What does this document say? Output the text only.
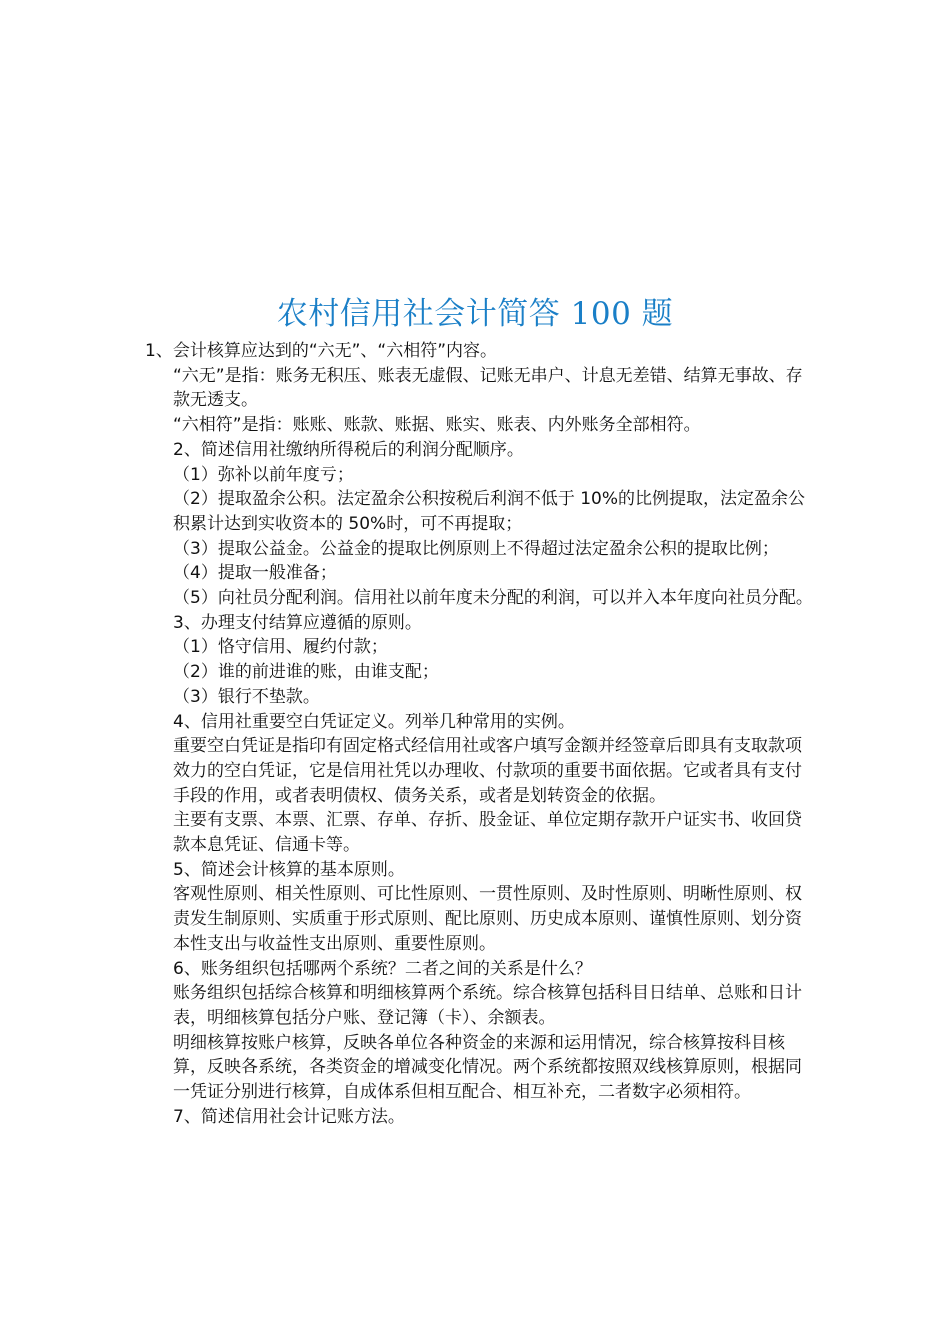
农村信用社会计简答 100 题

1、会计核算应达到的“六无”、“六相符”内容。

“六无”是指：账务无积压、账表无虚假、记账无串户、计息无差错、结算无事故、存款无透支。

“六相符”是指：账账、账款、账据、账实、账表、内外账务全部相符。

2、简述信用社缴纳所得税后的利润分配顺序。

（1）弥补以前年度亏；

（2）提取盈余公积。法定盈余公积按税后利润不低于 10%的比例提取，法定盈余公积累计达到实收资本的 50%时，可不再提取；

（3）提取公益金。公益金的提取比例原则上不得超过法定盈余公积的提取比例；

（4）提取一般准备；

（5）向社员分配利润。信用社以前年度未分配的利润，可以并入本年度向社员分配。

3、办理支付结算应遵循的原则。

（1）恪守信用、履约付款；

（2）谁的前进谁的账，由谁支配；

（3）银行不垫款。

4、信用社重要空白凭证定义。列举几种常用的实例。

重要空白凭证是指印有固定格式经信用社或客户填写金额并经签章后即具有支取款项效力的空白凭证，它是信用社凭以办理收、付款项的重要书面依据。它或者具有支付手段的作用，或者表明债权、债务关系，或者是划转资金的依据。

主要有支票、本票、汇票、存单、存折、股金证、单位定期存款开户证实书、收回贷款本息凭证、信通卡等。

5、简述会计核算的基本原则。

客观性原则、相关性原则、可比性原则、一贯性原则、及时性原则、明晰性原则、权责发生制原则、实质重于形式原则、配比原则、历史成本原则、谨慎性原则、划分资本性支出与收益性支出原则、重要性原则。

6、账务组织包括哪两个系统？二者之间的关系是什么？

账务组织包括综合核算和明细核算两个系统。综合核算包括科目日结单、总账和日计表，明细核算包括分户账、登记簿（卡）、余额表。

明细核算按账户核算，反映各单位各种资金的来源和运用情况，综合核算按科目核算，反映各系统，各类资金的增减变化情况。两个系统都按照双线核算原则，根据同一凭证分别进行核算，自成体系但相互配合、相互补充，二者数字必须相符。

7、简述信用社会计记账方法。
